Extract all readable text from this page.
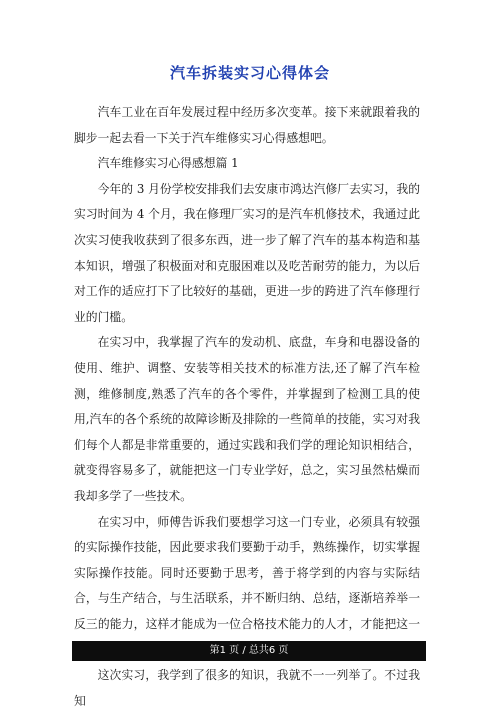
汽车拆装实习心得体会

汽车工业在百年发展过程中经历多次变革。接下来就跟着我的脚步一起去看一下关于汽车维修实习心得感想吧。

汽车维修实习心得感想篇 1

今年的 3 月份学校安排我们去安康市鸿达汽修厂去实习，我的实习时间为 4 个月，我在修理厂实习的是汽车机修技术，我通过此次实习使我收获到了很多东西，进一步了解了汽车的基本构造和基本知识，增强了积极面对和克服困难以及吃苦耐劳的能力，为以后对工作的适应打下了比较好的基础，更进一步的跨进了汽车修理行业的门槛。

在实习中，我掌握了汽车的发动机、底盘，车身和电器设备的使用、维护、调整、安装等相关技术的标准方法,还了解了汽车检测，维修制度,熟悉了汽车的各个零件，并掌握到了检测工具的使用,汽车的各个系统的故障诊断及排除的一些简单的技能，实习对我们每个人都是非常重要的，通过实践和我们学的理论知识相结合，就变得容易多了，就能把这一门专业学好，总之，实习虽然枯燥而我却多学了一些技术。

在实习中，师傅告诉我们要想学习这一门专业，必须具有较强的实际操作技能，因此要求我们要勤于动手，熟练操作，切实掌握实际操作技能。同时还要勤于思考，善于将学到的内容与实际结合，与生产结合，与生活联系，并不断归纳、总结，逐渐培养举一反三的能力，这样才能成为一位合格技术能力的人才，才能把这一

这次实习，我学到了很多的知识，我就不一一列举了。不过我知

第1 页 / 总共6 页
